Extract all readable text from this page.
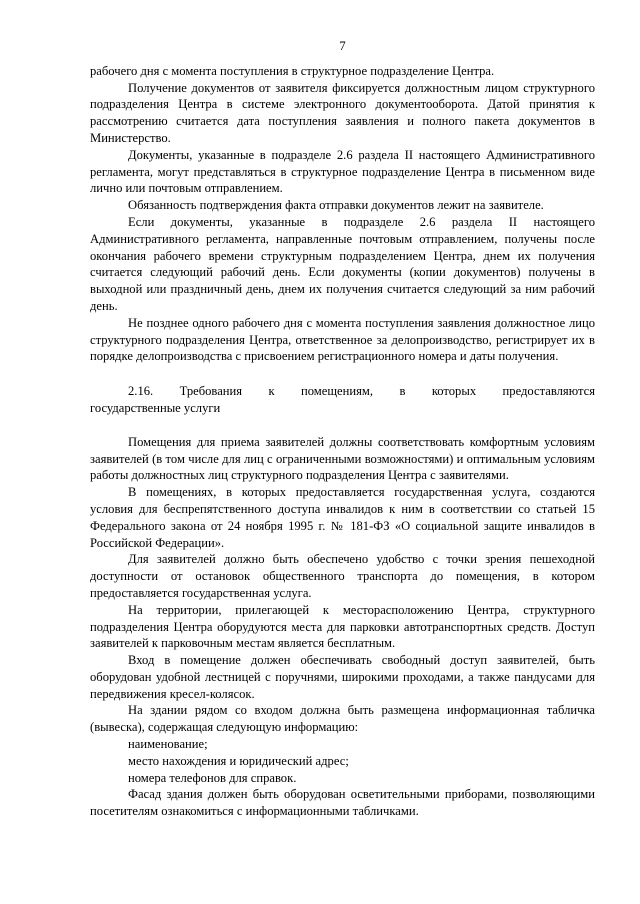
7

рабочего дня с момента поступления в структурное подразделение Центра.

Получение документов от заявителя фиксируется должностным лицом структурного подразделения Центра в системе электронного документооборота. Датой принятия к рассмотрению считается дата поступления заявления и полного пакета документов в Министерство.

Документы, указанные в подразделе 2.6 раздела II настоящего Административного регламента, могут представляться в структурное подразделение Центра в письменном виде лично или почтовым отправлением.

Обязанность подтверждения факта отправки документов лежит на заявителе.

Если документы, указанные в подразделе 2.6 раздела II настоящего Административного регламента, направленные почтовым отправлением, получены после окончания рабочего времени структурным подразделением Центра, днем их получения считается следующий рабочий день. Если документы (копии документов) получены в выходной или праздничный день, днем их получения считается следующий за ним рабочий день.

Не позднее одного рабочего дня с момента поступления заявления должностное лицо структурного подразделения Центра, ответственное за делопроизводство, регистрирует их в порядке делопроизводства с присвоением регистрационного номера и даты получения.

2.16. Требования к помещениям, в которых предоставляются
государственные услуги

Помещения для приема заявителей должны соответствовать комфортным условиям заявителей (в том числе для лиц с ограниченными возможностями) и оптимальным условиям работы должностных лиц структурного подразделения Центра с заявителями.

В помещениях, в которых предоставляется государственная услуга, создаются условия для беспрепятственного доступа инвалидов к ним в соответствии со статьей 15 Федерального закона от 24 ноября 1995 г. № 181-ФЗ «О социальной защите инвалидов в Российской Федерации».

Для заявителей должно быть обеспечено удобство с точки зрения пешеходной доступности от остановок общественного транспорта до помещения, в котором предоставляется государственная услуга.

На территории, прилегающей к месторасположению Центра, структурного подразделения Центра оборудуются места для парковки автотранспортных средств. Доступ заявителей к парковочным местам является бесплатным.

Вход в помещение должен обеспечивать свободный доступ заявителей, быть оборудован удобной лестницей с поручнями, широкими проходами, а также пандусами для передвижения кресел-колясок.

На здании рядом со входом должна быть размещена информационная табличка (вывеска), содержащая следующую информацию:

наименование;

место нахождения и юридический адрес;

номера телефонов для справок.

Фасад здания должен быть оборудован осветительными приборами, позволяющими посетителям ознакомиться с информационными табличками.
